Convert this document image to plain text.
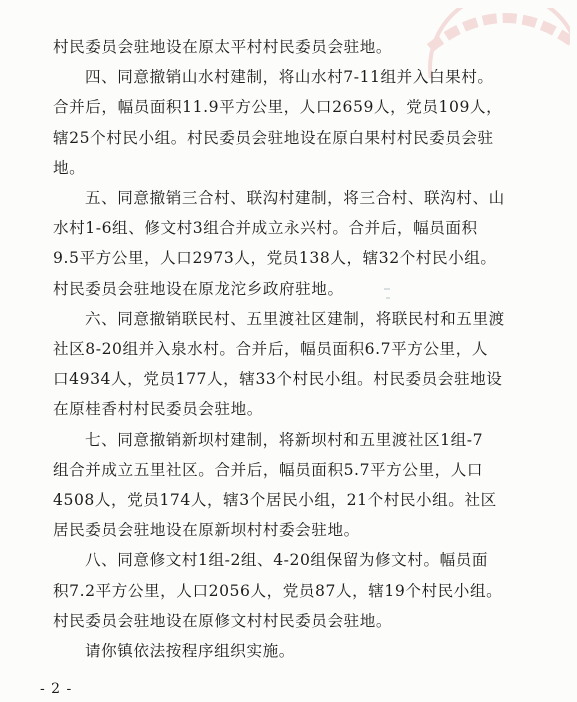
村民委员会驻地设在原太平村村民委员会驻地。
四、同意撤销山水村建制，将山水村7-11组并入白果村。
合并后，幅员面积11.9平方公里，人口2659人，党员109人，
辖25个村民小组。村民委员会驻地设在原白果村村民委员会驻
地。
五、同意撤销三合村、联沟村建制，将三合村、联沟村、山
水村1-6组、修文村3组合并成立永兴村。合并后，幅员面积
9.5平方公里，人口2973人，党员138人，辖32个村民小组。
村民委员会驻地设在原龙沱乡政府驻地。
六、同意撤销联民村、五里渡社区建制，将联民村和五里渡
社区8-20组并入泉水村。合并后，幅员面积6.7平方公里，人
口4934人，党员177人，辖33个村民小组。村民委员会驻地设
在原桂香村村民委员会驻地。
七、同意撤销新坝村建制，将新坝村和五里渡社区1组-7
组合并成立五里社区。合并后，幅员面积5.7平方公里，人口
4508人，党员174人，辖3个居民小组，21个村民小组。社区
居民委员会驻地设在原新坝村村委会驻地。
八、同意修文村1组-2组、4-20组保留为修文村。幅员面
积7.2平方公里，人口2056人，党员87人，辖19个村民小组。
村民委员会驻地设在原修文村村民委员会驻地。
请你镇依法按程序组织实施。
- 2 -
